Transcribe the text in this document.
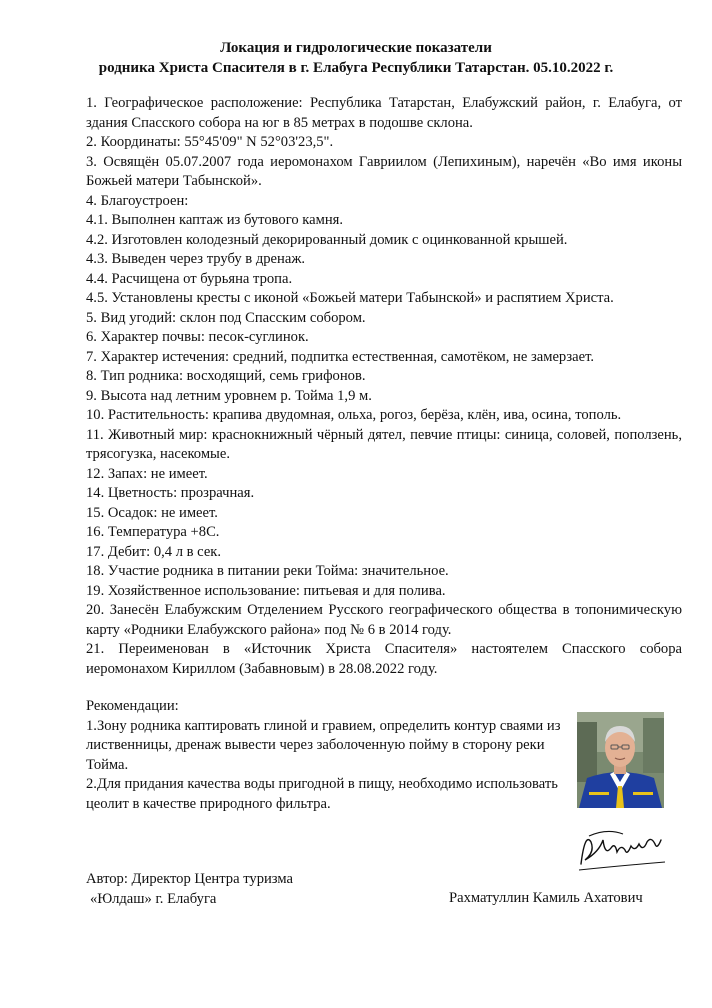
Локация и гидрологические показатели
родника Христа Спасителя в г. Елабуга Республики Татарстан. 05.10.2022 г.
1. Географическое расположение: Республика Татарстан, Елабужский район, г. Елабуга, от здания Спасского собора на юг в 85 метрах в подошве склона.
2. Координаты: 55°45'09" N 52°03'23,5".
3. Освящён 05.07.2007 года иеромонахом Гавриилом (Лепихиным), наречён «Во имя иконы Божьей матери Табынской».
4. Благоустроен:
4.1. Выполнен каптаж из бутового камня.
4.2. Изготовлен колодезный декорированный домик с оцинкованной крышей.
4.3. Выведен через трубу в дренаж.
4.4. Расчищена от бурьяна тропа.
4.5. Установлены кресты с иконой «Божьей матери Табынской» и распятием Христа.
5. Вид угодий: склон под Спасским собором.
6. Характер почвы: песок-суглинок.
7. Характер истечения: средний, подпитка естественная, самотёком, не замерзает.
8. Тип родника: восходящий, семь грифонов.
9. Высота над летним уровнем р. Тойма 1,9 м.
10. Растительность: крапива двудомная, ольха, рогоз, берёза, клён, ива, осина, тополь.
11. Животный мир: краснокнижный чёрный дятел, певчие птицы: синица, соловей, поползень, трясогузка, насекомые.
12. Запах: не имеет.
14. Цветность: прозрачная.
15. Осадок: не имеет.
16. Температура +8С.
17. Дебит: 0,4 л в сек.
18. Участие родника в питании реки Тойма: значительное.
19. Хозяйственное использование: питьевая и для полива.
20. Занесён Елабужским Отделением Русского географического общества в топонимическую карту «Родники Елабужского района» под № 6 в 2014 году.
21. Переименован в «Источник Христа Спасителя» настоятелем Спасского собора иеромонахом Кириллом (Забавновым) в 28.08.2022 году.
Рекомендации:
1.Зону родника каптировать глиной и гравием, определить контур сваями из лиственницы, дренаж вывести через заболоченную пойму в сторону реки Тойма.
2.Для придания качества воды пригодной в пищу, необходимо использовать цеолит в качестве природного фильтра.
Автор: Директор Центра туризма
«Юлдаш» г. Елабуга	Рахматуллин Камиль Ахатович
